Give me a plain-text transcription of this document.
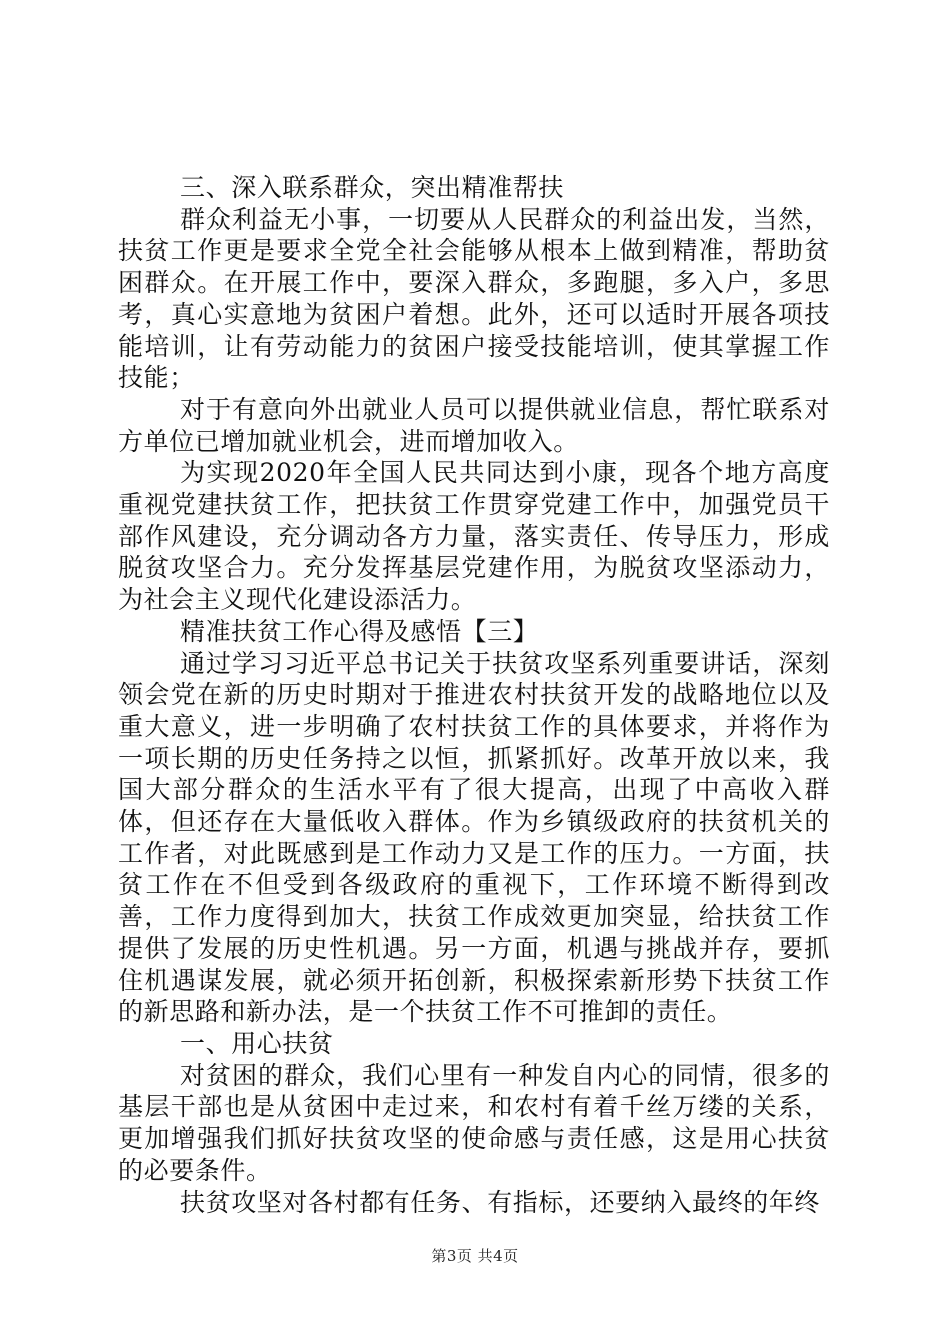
三、深入联系群众，突出精准帮扶

群众利益无小事，一切要从人民群众的利益出发，当然，扶贫工作更是要求全党全社会能够从根本上做到精准，帮助贫困群众。在开展工作中，要深入群众，多跑腿，多入户，多思考，真心实意地为贫困户着想。此外，还可以适时开展各项技能培训，让有劳动能力的贫困户接受技能培训，使其掌握工作技能；

对于有意向外出就业人员可以提供就业信息，帮忙联系对方单位已增加就业机会，进而增加收入。

为实现2020年全国人民共同达到小康，现各个地方高度重视党建扶贫工作，把扶贫工作贯穿党建工作中，加强党员干部作风建设，充分调动各方力量，落实责任、传导压力，形成脱贫攻坚合力。充分发挥基层党建作用，为脱贫攻坚添动力，为社会主义现代化建设添活力。

精准扶贫工作心得及感悟【三】

通过学习习近平总书记关于扶贫攻坚系列重要讲话，深刻领会党在新的历史时期对于推进农村扶贫开发的战略地位以及重大意义，进一步明确了农村扶贫工作的具体要求，并将作为一项长期的历史任务持之以恒，抓紧抓好。改革开放以来，我国大部分群众的生活水平有了很大提高，出现了中高收入群体，但还存在大量低收入群体。作为乡镇级政府的扶贫机关的工作者，对此既感到是工作动力又是工作的压力。一方面，扶贫工作在不但受到各级政府的重视下，工作环境不断得到改善，工作力度得到加大，扶贫工作成效更加突显，给扶贫工作提供了发展的历史性机遇。另一方面，机遇与挑战并存，要抓住机遇谋发展，就必须开拓创新，积极探索新形势下扶贫工作的新思路和新办法，是一个扶贫工作不可推卸的责任。

一、用心扶贫

对贫困的群众，我们心里有一种发自内心的同情，很多的基层干部也是从贫困中走过来，和农村有着千丝万缕的关系，更加增强我们抓好扶贫攻坚的使命感与责任感，这是用心扶贫的必要条件。

扶贫攻坚对各村都有任务、有指标，还要纳入最终的年终

第3页 共4页
